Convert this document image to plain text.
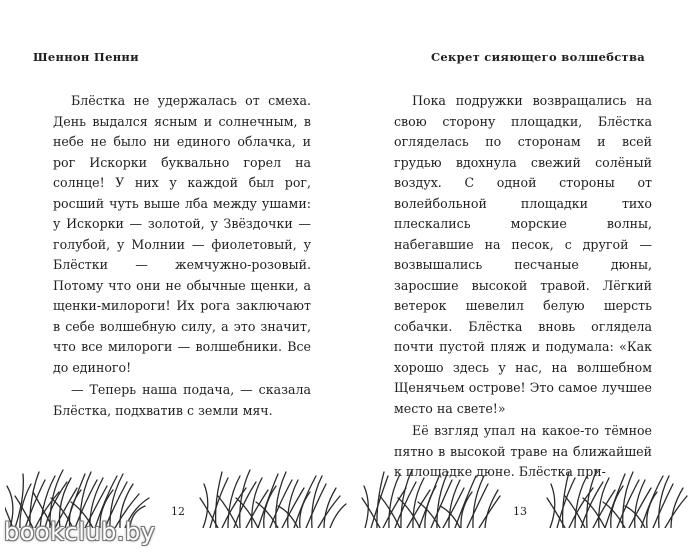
Шеннон Пенни

Блёстка не удержалась от смеха. День выдался ясным и солнечным, в небе не было ни единого облачка, и рог Искорки буквально горел на солнце! У них у каждой был рог, росший чуть выше лба между ушами: у Искорки — золотой, у Звёздочки — голубой, у Молнии — фиолетовый, у Блёстки — жемчужно-розовый. Потому что они не обычные щенки, а щенки-милороги! Их рога заключают в себе волшебную силу, а это значит, что все милороги — волшебники. Все до единого!

— Теперь наша подача, — сказала Блёстка, подхватив с земли мяч.

12
Секрет сияющего волшебства

Пока подружки возвращались на свою сторону площадки, Блёстка огляделась по сторонам и всей грудью вдохнула свежий солёный воздух. С одной стороны от волейбольной площадки тихо плескались морские волны, набегавшие на песок, с другой — возвышались песчаные дюны, заросшие высокой травой. Лёгкий ветерок шевелил белую шерсть собачки. Блёстка вновь оглядела почти пустой пляж и подумала: «Как хорошо здесь у нас, на волшебном Щенячьем острове! Это самое лучшее место на свете!»

Её взгляд упал на какое-то тёмное пятно в высокой траве на ближайшей к площадке дюне. Блёстка при-

13
bookclub.by
